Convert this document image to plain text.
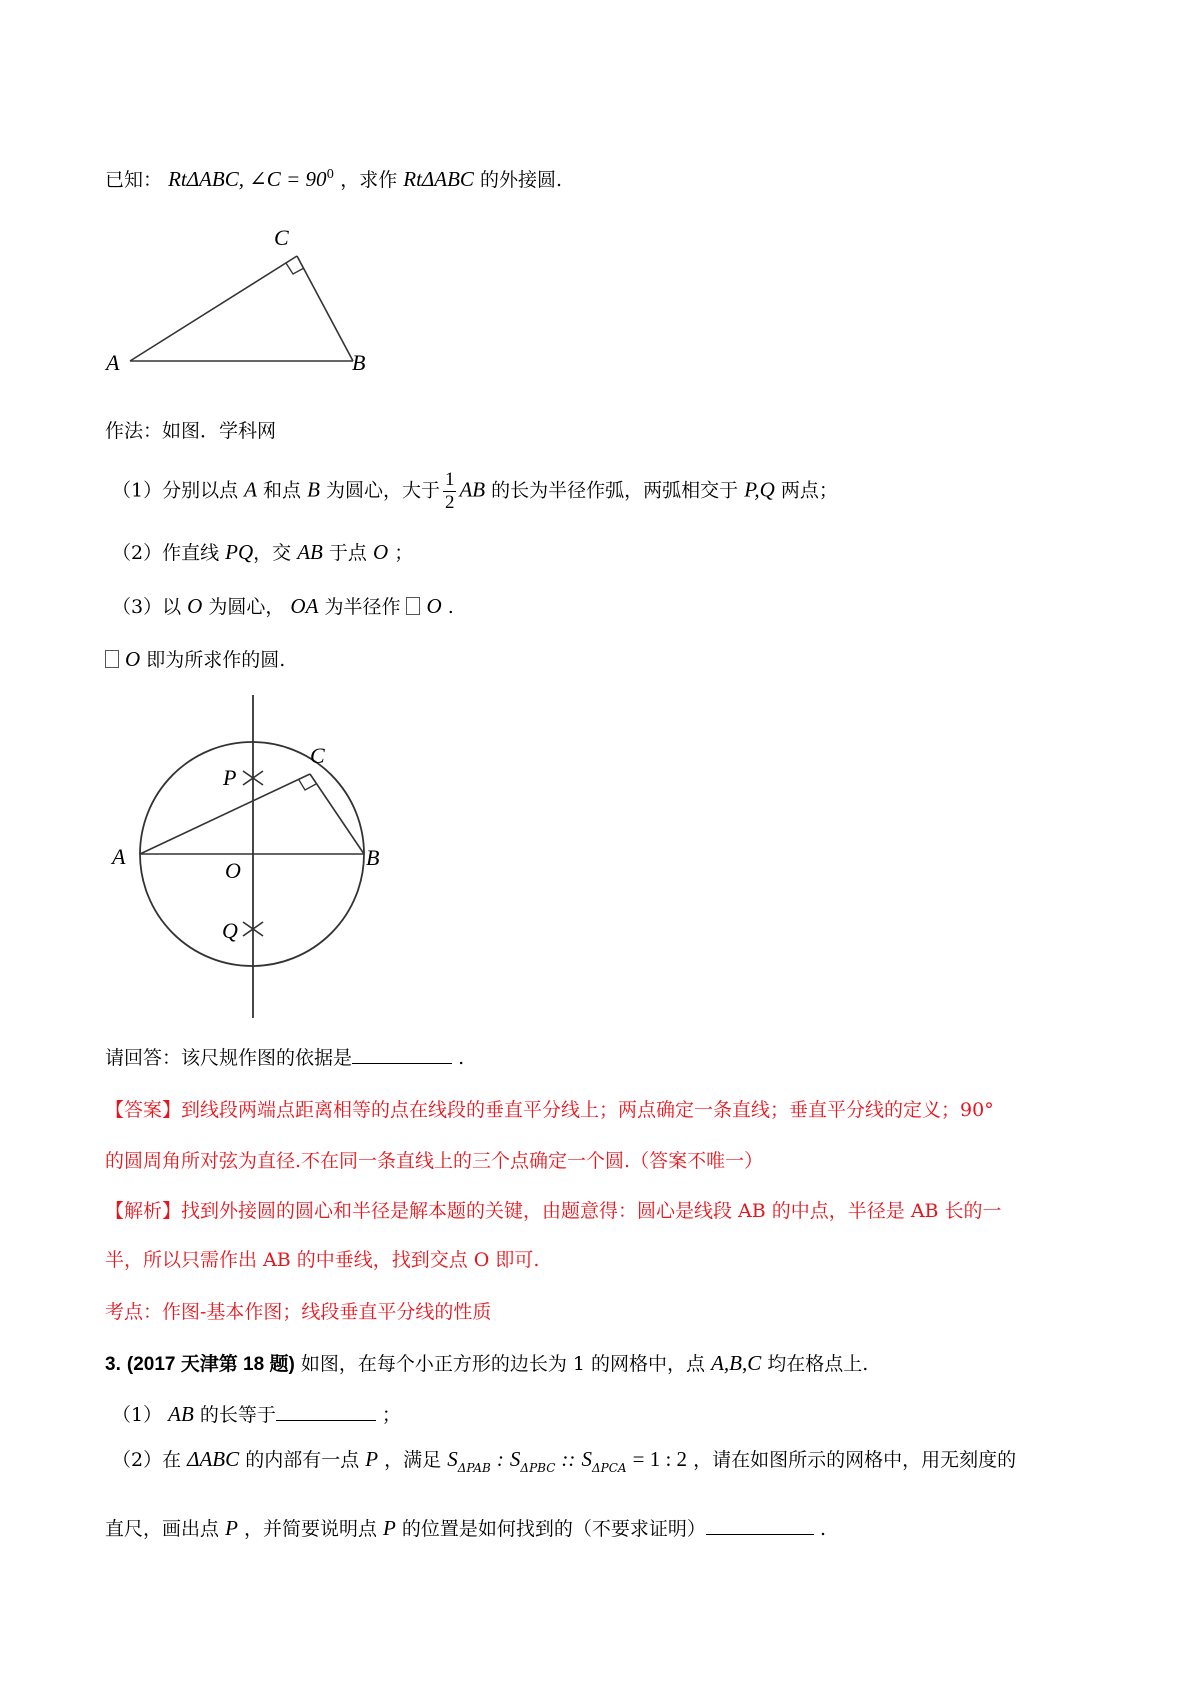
已知： RtΔABC, ∠C = $90^0$ ，求作 RtΔABC 的外接圆.
A	B
C
作法：如图．学科网
（1）分别以点 A 和点 B 为圆心，大于 $\frac{1}{2}$ AB 的长为半径作弧，两弧相交于 P,Q 两点；
（2）作直线 PQ，交 AB 于点 O ；
（3）以 O 为圆心， OA 为半径作 O .
O 即为所求作的圆.
A	B
C
P
O
Q
请回答：该尺规作图的依据是	.
【答案】到线段两端点距离相等的点在线段的垂直平分线上；两点确定一条直线；垂直平分线的定义；90°
的圆周角所对弦为直径.不在同一条直线上的三个点确定一个圆.（答案不唯一）
【解析】找到外接圆的圆心和半径是解本题的关键，由题意得：圆心是线段 AB 的中点，半径是 AB 长的一
半，所以只需作出 AB 的中垂线，找到交点 O 即可.
考点：作图-基本作图；线段垂直平分线的性质
3. (2017 天津第 18 题) 如图，在每个小正方形的边长为 1 的网格中，点 A,B,C 均在格点上.
（1） AB 的长等于	；
（2）在 ΔABC 的内部有一点 P ，满足 $S_{\Delta PAB}$ : $S_{\Delta PBC}$ :: $S_{\Delta PCA} = 1$ : 2 ，请在如图所示的网格中，用无刻度的
直尺，画出点 P ，并简要说明点 P 的位置是如何找到的（不要求证明）	.
